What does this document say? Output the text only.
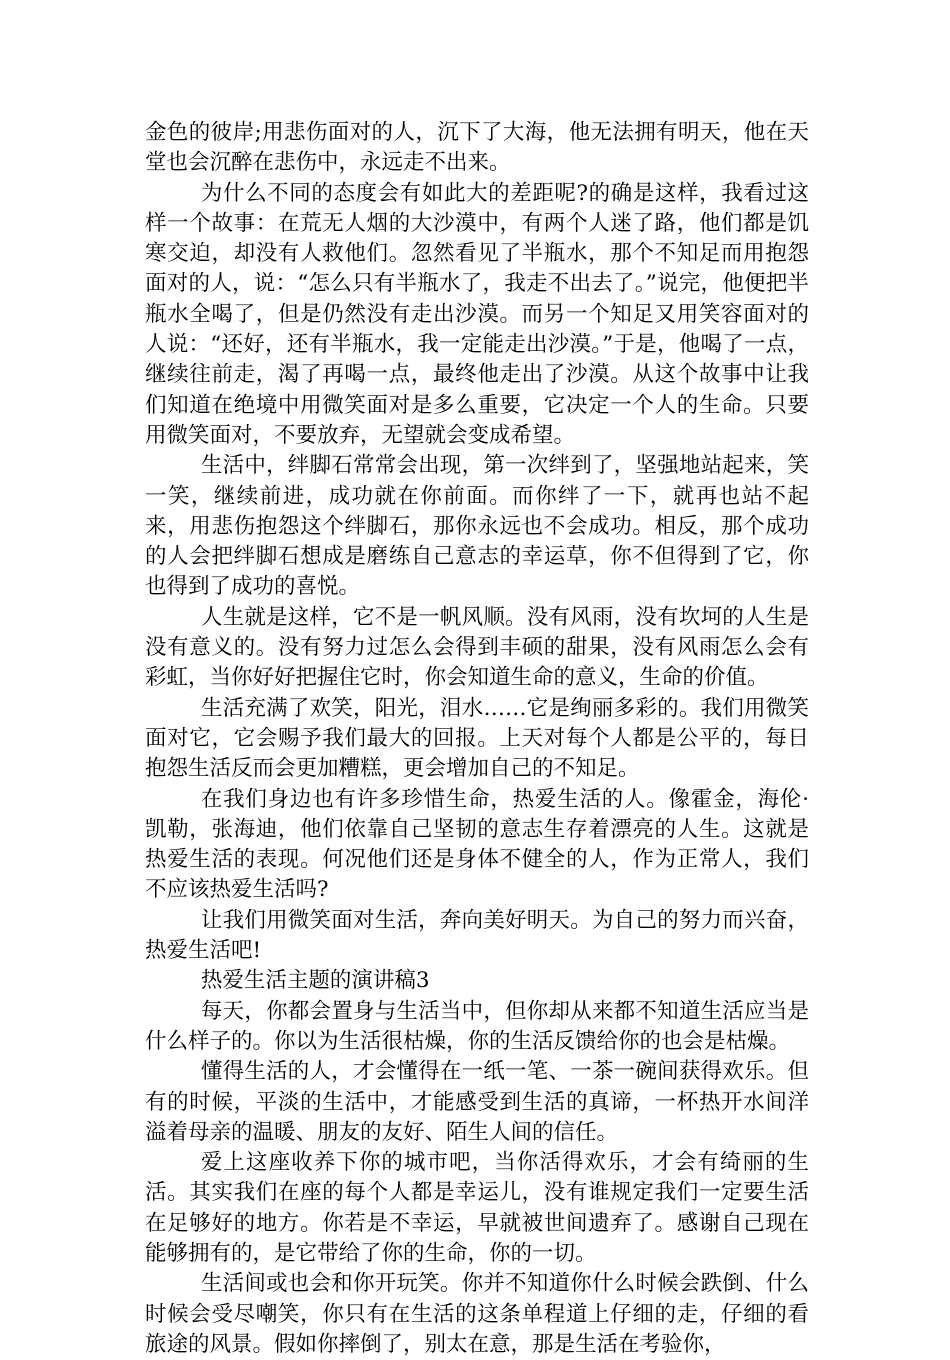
金色的彼岸;用悲伤面对的人，沉下了大海，他无法拥有明天，他在天堂也会沉醉在悲伤中，永远走不出来。

为什么不同的态度会有如此大的差距呢?的确是这样，我看过这样一个故事：在荒无人烟的大沙漠中，有两个人迷了路，他们都是饥寒交迫，却没有人救他们。忽然看见了半瓶水，那个不知足而用抱怨面对的人，说：“怎么只有半瓶水了，我走不出去了。”说完，他便把半瓶水全喝了，但是仍然没有走出沙漠。而另一个知足又用笑容面对的人说：“还好，还有半瓶水，我一定能走出沙漠。”于是，他喝了一点，继续往前走，渴了再喝一点，最终他走出了沙漠。从这个故事中让我们知道在绝境中用微笑面对是多么重要，它决定一个人的生命。只要用微笑面对，不要放弃，无望就会变成希望。

生活中，绊脚石常常会出现，第一次绊到了，坚强地站起来，笑一笑，继续前进，成功就在你前面。而你绊了一下，就再也站不起来，用悲伤抱怨这个绊脚石，那你永远也不会成功。相反，那个成功的人会把绊脚石想成是磨练自己意志的幸运草，你不但得到了它，你也得到了成功的喜悦。

人生就是这样，它不是一帆风顺。没有风雨，没有坎坷的人生是没有意义的。没有努力过怎么会得到丰硕的甜果，没有风雨怎么会有彩虹，当你好好把握住它时，你会知道生命的意义，生命的价值。

生活充满了欢笑，阳光，泪水……它是绚丽多彩的。我们用微笑面对它，它会赐予我们最大的回报。上天对每个人都是公平的，每日抱怨生活反而会更加糟糕，更会增加自己的不知足。

在我们身边也有许多珍惜生命，热爱生活的人。像霍金，海伦·凯勒，张海迪，他们依靠自己坚韧的意志生存着漂亮的人生。这就是热爱生活的表现。何况他们还是身体不健全的人，作为正常人，我们不应该热爱生活吗?

让我们用微笑面对生活，奔向美好明天。为自己的努力而兴奋，热爱生活吧!

热爱生活主题的演讲稿3

每天，你都会置身与生活当中，但你却从来都不知道生活应当是什么样子的。你以为生活很枯燥，你的生活反馈给你的也会是枯燥。

懂得生活的人，才会懂得在一纸一笔、一茶一碗间获得欢乐。但有的时候，平淡的生活中，才能感受到生活的真谛，一杯热开水间洋溢着母亲的温暖、朋友的友好、陌生人间的信任。

爱上这座收养下你的城市吧，当你活得欢乐，才会有绮丽的生活。其实我们在座的每个人都是幸运儿，没有谁规定我们一定要生活在足够好的地方。你若是不幸运，早就被世间遗弃了。感谢自己现在能够拥有的，是它带给了你的生命，你的一切。

生活间或也会和你开玩笑。你并不知道你什么时候会跌倒、什么时候会受尽嘲笑，你只有在生活的这条单程道上仔细的走，仔细的看旅途的风景。假如你摔倒了，别太在意，那是生活在考验你，
